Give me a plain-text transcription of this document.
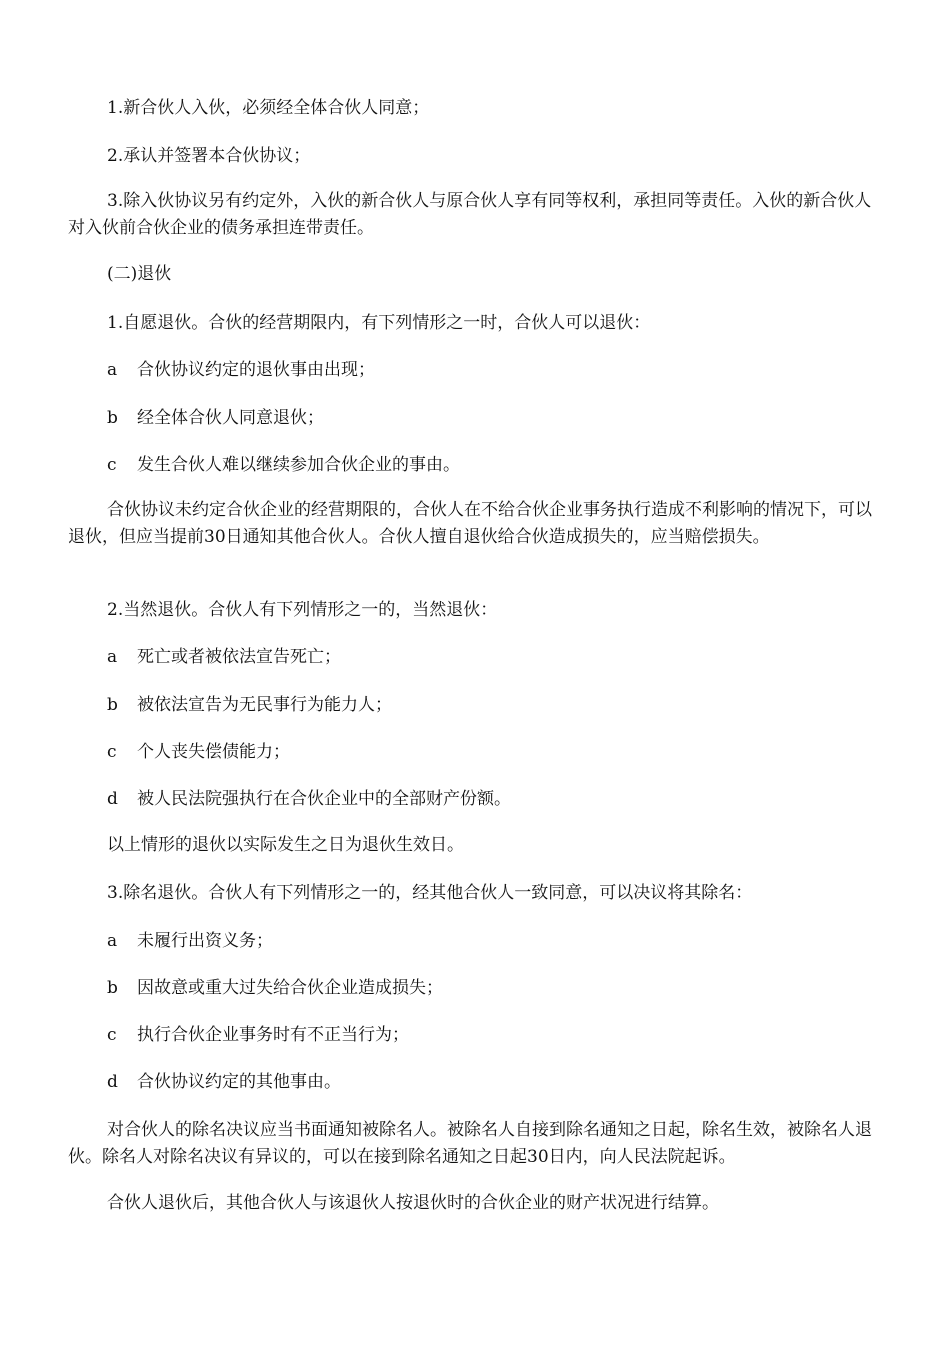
1.新合伙人入伙，必须经全体合伙人同意；

2.承认并签署本合伙协议；

3.除入伙协议另有约定外，入伙的新合伙人与原合伙人享有同等权利，承担同等责任。入伙的新合伙人对入伙前合伙企业的债务承担连带责任。

(二)退伙

1.自愿退伙。合伙的经营期限内，有下列情形之一时，合伙人可以退伙：

a 合伙协议约定的退伙事由出现；

b 经全体合伙人同意退伙；

c 发生合伙人难以继续参加合伙企业的事由。

合伙协议未约定合伙企业的经营期限的，合伙人在不给合伙企业事务执行造成不利影响的情况下，可以退伙，但应当提前30日通知其他合伙人。合伙人擅自退伙给合伙造成损失的，应当赔偿损失。

2.当然退伙。合伙人有下列情形之一的，当然退伙：

a 死亡或者被依法宣告死亡；

b 被依法宣告为无民事行为能力人；

c 个人丧失偿债能力；

d 被人民法院强执行在合伙企业中的全部财产份额。

以上情形的退伙以实际发生之日为退伙生效日。

3.除名退伙。合伙人有下列情形之一的，经其他合伙人一致同意，可以决议将其除名：

a 未履行出资义务；

b 因故意或重大过失给合伙企业造成损失；

c 执行合伙企业事务时有不正当行为；

d 合伙协议约定的其他事由。

对合伙人的除名决议应当书面通知被除名人。被除名人自接到除名通知之日起，除名生效，被除名人退伙。除名人对除名决议有异议的，可以在接到除名通知之日起30日内，向人民法院起诉。

合伙人退伙后，其他合伙人与该退伙人按退伙时的合伙企业的财产状况进行结算。
